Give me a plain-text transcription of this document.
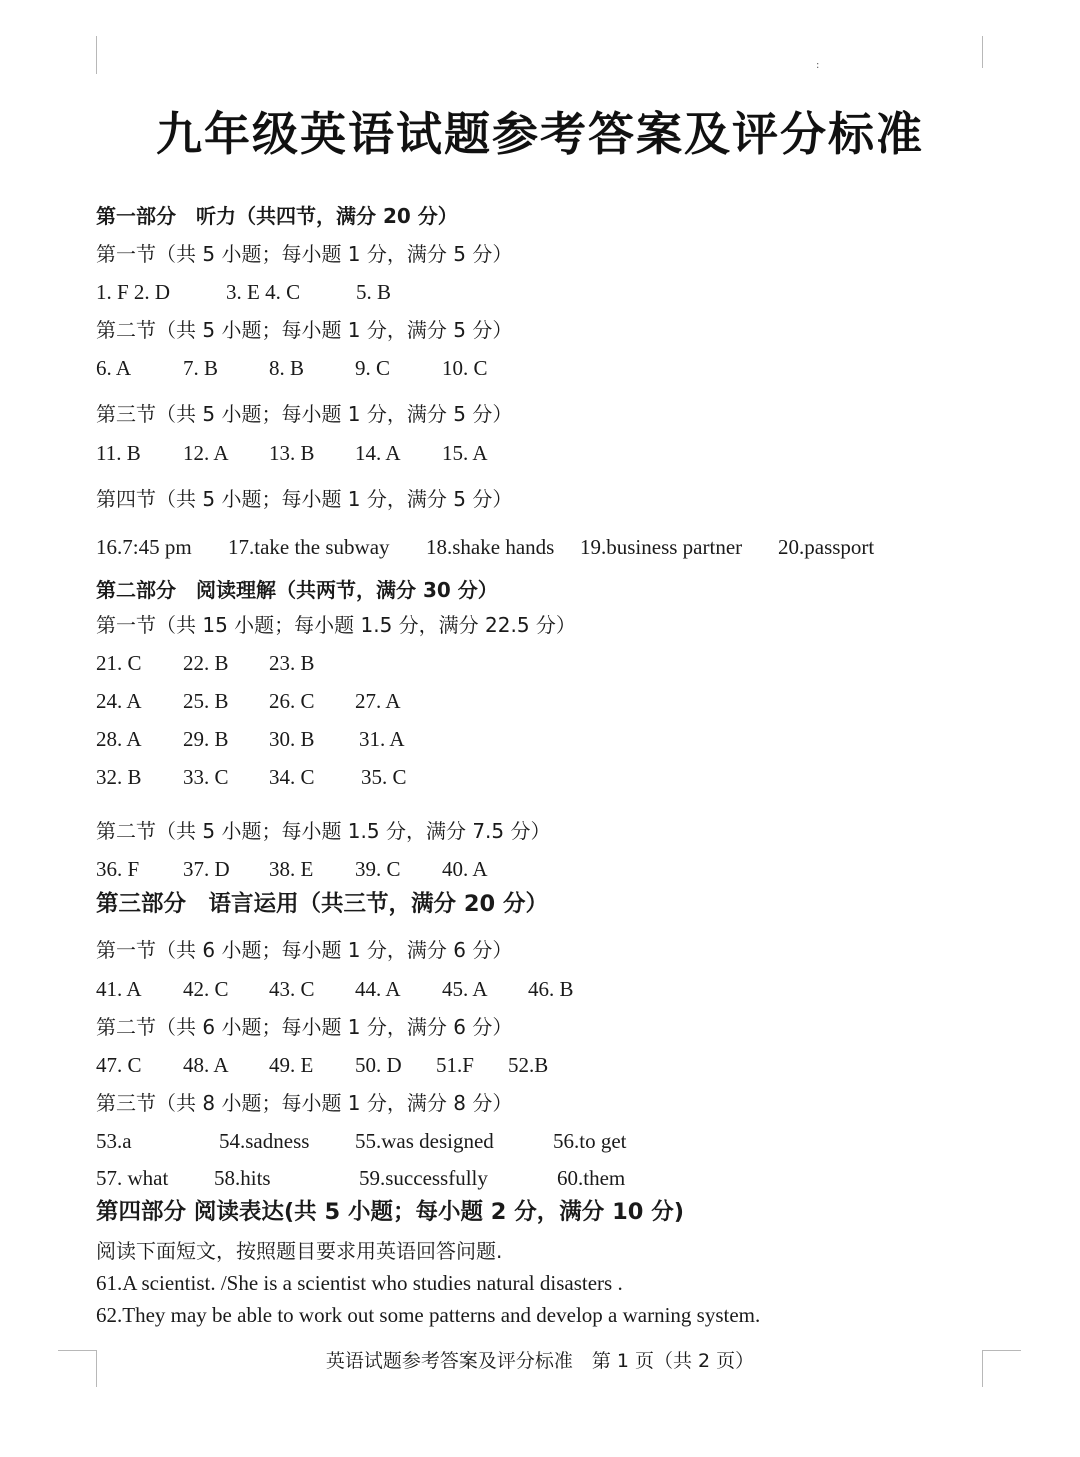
:
九年级英语试题参考答案及评分标准
第一部分　听力（共四节，满分 20 分）
第一节（共 5 小题；每小题 1 分，满分 5 分）
1. F 2. D	3. E 4. C	5. B
第二节（共 5 小题；每小题 1 分，满分 5 分）
6. A 7. B 8. B 9. C 10. C
第三节（共 5 小题；每小题 1 分，满分 5 分）
11. B 12. A 13. B 14. A 15. A
第四节（共 5 小题；每小题 1 分，满分 5 分）
16.7:45 pm 17.take the subway 18.shake hands 19.business partner 20.passport
第二部分　阅读理解（共两节，满分 30 分）
第一节（共 15 小题；每小题 1.5 分，满分 22.5 分）
21. C 22. B 23. B
24. A 25. B 26. C 27. A
28. A 29. B 30. B 31. A
32. B 33. C 34. C 35. C
第二节（共 5 小题；每小题 1.5 分，满分 7.5 分）
36. F 37. D 38. E 39. C 40. A
第三部分　语言运用（共三节，满分 20 分）
第一节（共 6 小题；每小题 1 分，满分 6 分）
41. A 42. C 43. C 44. A 45. A 46. B
第二节（共 6 小题；每小题 1 分，满分 6 分）
47. C 48. A 49. E 50. D 51.F 52.B
第三节（共 8 小题；每小题 1 分，满分 8 分）
53.a	54.sadness 55.was designed	56.to get
57. what 58.hits	59.successfully	60.them
第四部分 阅读表达(共 5 小题；每小题 2 分，满分 10 分)
阅读下面短文，按照题目要求用英语回答问题.
61.A scientist. /She is a scientist who studies natural disasters .
62.They may be able to work out some patterns and develop a warning system.
英语试题参考答案及评分标准　第 1 页（共 2 页）
